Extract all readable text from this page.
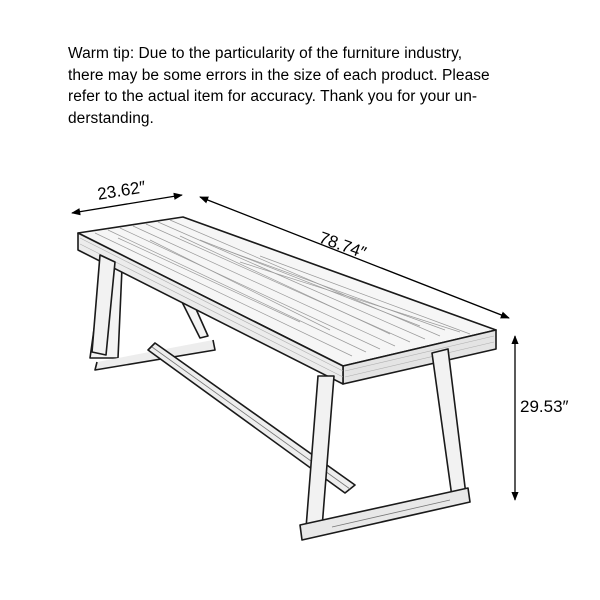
Warm tip: Due to the particularity of the furniture industry,
there may be some errors in the size of each product. Please
refer to the actual item for accuracy. Thank you for your un-
derstanding.

23.62″
78.74″
29.53″
